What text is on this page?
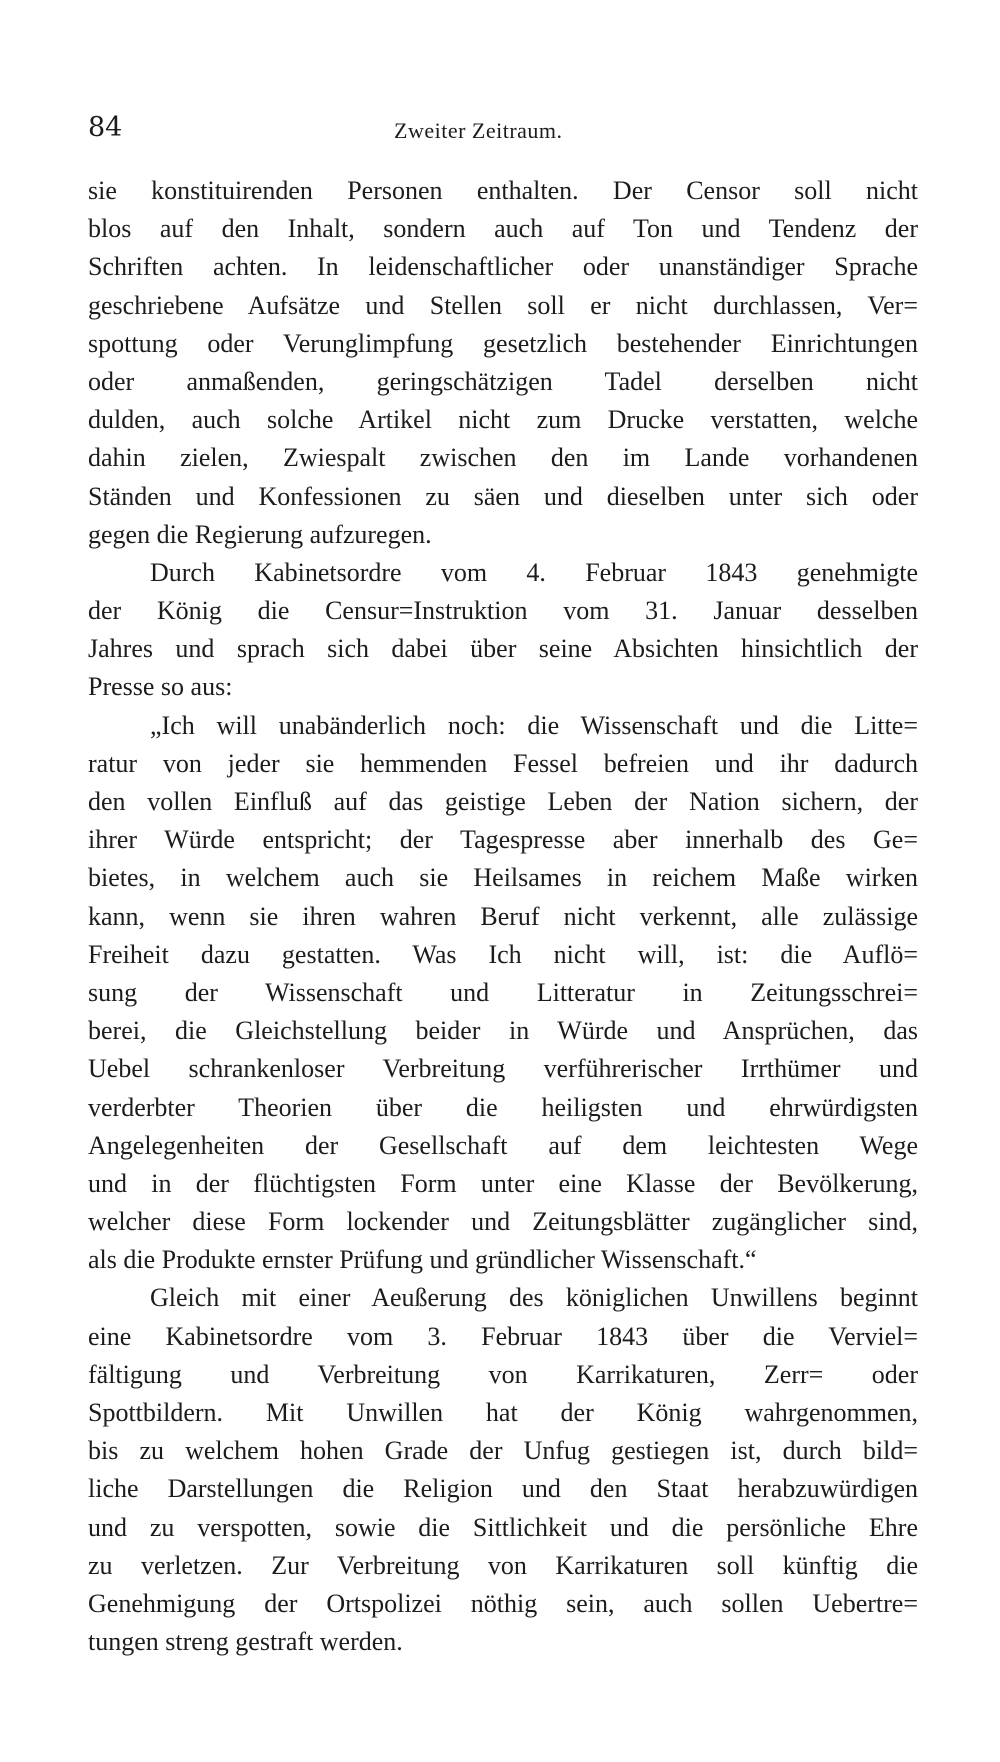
84	Zweiter Zeitraum.
sie konstituirenden Personen enthalten. Der Censor soll nicht
blos auf den Inhalt, sondern auch auf Ton und Tendenz der
Schriften achten. In leidenschaftlicher oder unanständiger Sprache
geschriebene Aufsätze und Stellen soll er nicht durchlassen, Ver=
spottung oder Verunglimpfung gesetzlich bestehender Einrichtungen
oder anmaßenden, geringschätzigen Tadel derselben nicht
dulden, auch solche Artikel nicht zum Drucke verstatten, welche
dahin zielen, Zwiespalt zwischen den im Lande vorhandenen
Ständen und Konfessionen zu säen und dieselben unter sich oder
gegen die Regierung aufzuregen.
Durch Kabinetsordre vom 4. Februar 1843 genehmigte
der König die Censur=Instruktion vom 31. Januar desselben
Jahres und sprach sich dabei über seine Absichten hinsichtlich der
Presse so aus:
„Ich will unabänderlich noch: die Wissenschaft und die Litte=
ratur von jeder sie hemmenden Fessel befreien und ihr dadurch
den vollen Einfluß auf das geistige Leben der Nation sichern, der
ihrer Würde entspricht; der Tagespresse aber innerhalb des Ge=
bietes, in welchem auch sie Heilsames in reichem Maße wirken
kann, wenn sie ihren wahren Beruf nicht verkennt, alle zulässige
Freiheit dazu gestatten. Was Ich nicht will, ist: die Auflö=
sung der Wissenschaft und Litteratur in Zeitungsschrei=
berei, die Gleichstellung beider in Würde und Ansprüchen, das
Uebel schrankenloser Verbreitung verführerischer Irrthümer und
verderbter Theorien über die heiligsten und ehrwürdigsten
Angelegenheiten der Gesellschaft auf dem leichtesten Wege
und in der flüchtigsten Form unter eine Klasse der Bevölkerung,
welcher diese Form lockender und Zeitungsblätter zugänglicher sind,
als die Produkte ernster Prüfung und gründlicher Wissenschaft.“
Gleich mit einer Aeußerung des königlichen Unwillens beginnt
eine Kabinetsordre vom 3. Februar 1843 über die Verviel=
fältigung und Verbreitung von Karrikaturen, Zerr= oder
Spottbildern. Mit Unwillen hat der König wahrgenommen,
bis zu welchem hohen Grade der Unfug gestiegen ist, durch bild=
liche Darstellungen die Religion und den Staat herabzuwürdigen
und zu verspotten, sowie die Sittlichkeit und die persönliche Ehre
zu verletzen. Zur Verbreitung von Karrikaturen soll künftig die
Genehmigung der Ortspolizei nöthig sein, auch sollen Uebertre=
tungen streng gestraft werden.
